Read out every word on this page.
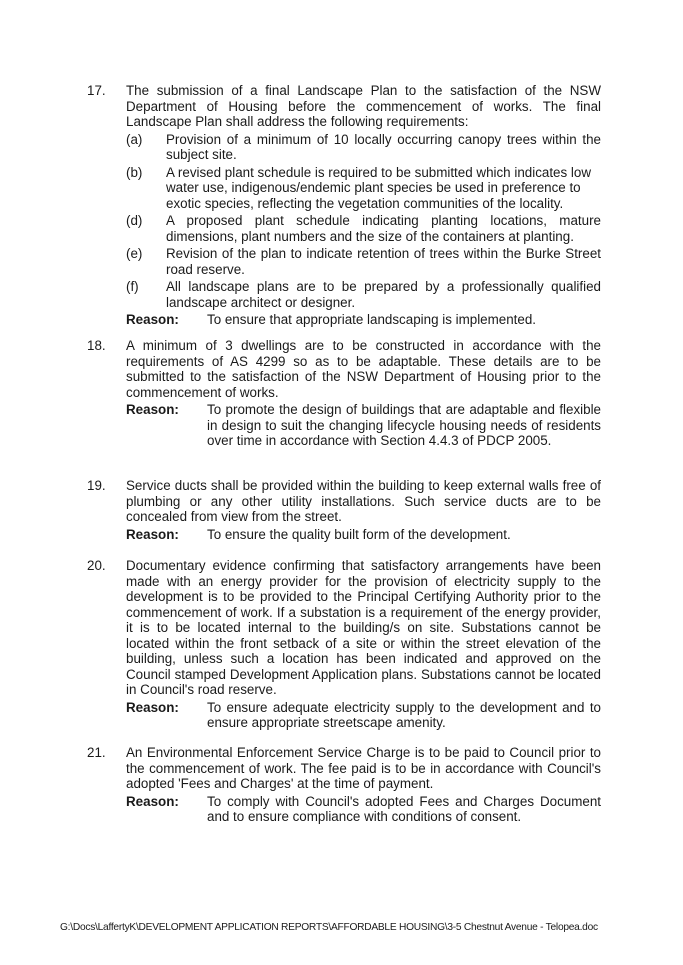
17. The submission of a final Landscape Plan to the satisfaction of the NSW Department of Housing before the commencement of works. The final Landscape Plan shall address the following requirements:
(a) Provision of a minimum of 10 locally occurring canopy trees within the subject site.
(b) A revised plant schedule is required to be submitted which indicates low water use, indigenous/endemic plant species be used in preference to exotic species, reflecting the vegetation communities of the locality.
(d) A proposed plant schedule indicating planting locations, mature dimensions, plant numbers and the size of the containers at planting.
(e) Revision of the plan to indicate retention of trees within the Burke Street road reserve.
(f) All landscape plans are to be prepared by a professionally qualified landscape architect or designer.
Reason: To ensure that appropriate landscaping is implemented.
18. A minimum of 3 dwellings are to be constructed in accordance with the requirements of AS 4299 so as to be adaptable. These details are to be submitted to the satisfaction of the NSW Department of Housing prior to the commencement of works.
Reason: To promote the design of buildings that are adaptable and flexible in design to suit the changing lifecycle housing needs of residents over time in accordance with Section 4.4.3 of PDCP 2005.
19. Service ducts shall be provided within the building to keep external walls free of plumbing or any other utility installations. Such service ducts are to be concealed from view from the street.
Reason: To ensure the quality built form of the development.
20. Documentary evidence confirming that satisfactory arrangements have been made with an energy provider for the provision of electricity supply to the development is to be provided to the Principal Certifying Authority prior to the commencement of work. If a substation is a requirement of the energy provider, it is to be located internal to the building/s on site. Substations cannot be located within the front setback of a site or within the street elevation of the building, unless such a location has been indicated and approved on the Council stamped Development Application plans. Substations cannot be located in Council's road reserve.
Reason: To ensure adequate electricity supply to the development and to ensure appropriate streetscape amenity.
21. An Environmental Enforcement Service Charge is to be paid to Council prior to the commencement of work. The fee paid is to be in accordance with Council's adopted 'Fees and Charges' at the time of payment.
Reason: To comply with Council's adopted Fees and Charges Document and to ensure compliance with conditions of consent.
G:\Docs\LaffertyK\DEVELOPMENT APPLICATION REPORTS\AFFORDABLE HOUSING\3-5 Chestnut Avenue - Telopea.doc
